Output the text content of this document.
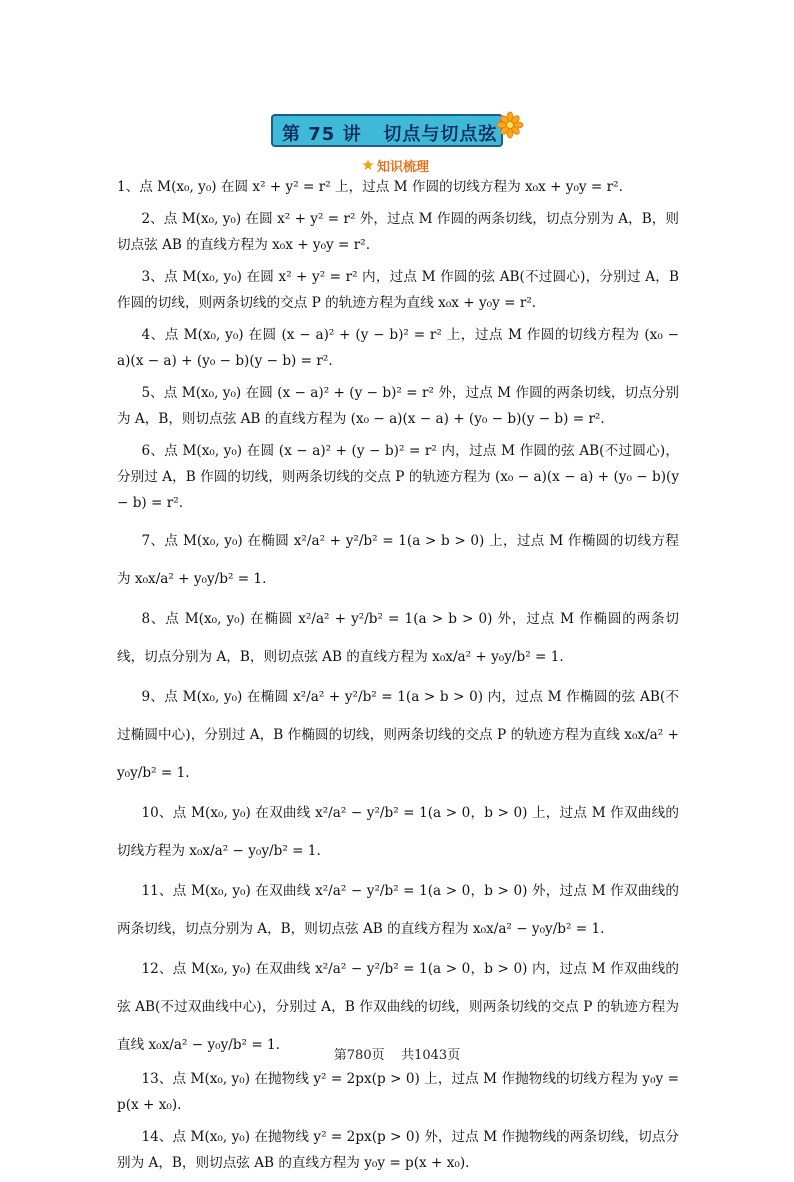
第 75 讲   切点与切点弦
知识梳理

1、点 M(x₀, y₀) 在圆 x² + y² = r² 上，过点 M 作圆的切线方程为 x₀x + y₀y = r².

2、点 M(x₀, y₀) 在圆 x² + y² = r² 外，过点 M 作圆的两条切线，切点分别为 A，B，则切点弦 AB 的直线方程为 x₀x + y₀y = r².

3、点 M(x₀, y₀) 在圆 x² + y² = r² 内，过点 M 作圆的弦 AB(不过圆心)，分别过 A，B 作圆的切线，则两条切线的交点 P 的轨迹方程为直线 x₀x + y₀y = r².

4、点 M(x₀, y₀) 在圆 (x − a)² + (y − b)² = r² 上，过点 M 作圆的切线方程为 (x₀ − a)(x − a) + (y₀ − b)(y − b) = r².

5、点 M(x₀, y₀) 在圆 (x − a)² + (y − b)² = r² 外，过点 M 作圆的两条切线，切点分别为 A，B，则切点弦 AB 的直线方程为 (x₀ − a)(x − a) + (y₀ − b)(y − b) = r².

6、点 M(x₀, y₀) 在圆 (x − a)² + (y − b)² = r² 内，过点 M 作圆的弦 AB(不过圆心)，分别过 A，B 作圆的切线，则两条切线的交点 P 的轨迹方程为 (x₀ − a)(x − a) + (y₀ − b)(y − b) = r².

7、点 M(x₀, y₀) 在椭圆 x²/a² + y²/b² = 1(a > b > 0) 上，过点 M 作椭圆的切线方程为 x₀x/a² + y₀y/b² = 1.

8、点 M(x₀, y₀) 在椭圆 x²/a² + y²/b² = 1(a > b > 0) 外，过点 M 作椭圆的两条切线，切点分别为 A，B，则切点弦 AB 的直线方程为 x₀x/a² + y₀y/b² = 1.

9、点 M(x₀, y₀) 在椭圆 x²/a² + y²/b² = 1(a > b > 0) 内，过点 M 作椭圆的弦 AB(不过椭圆中心)，分别过 A，B 作椭圆的切线，则两条切线的交点 P 的轨迹方程为直线 x₀x/a² + y₀y/b² = 1.

10、点 M(x₀, y₀) 在双曲线 x²/a² − y²/b² = 1(a > 0，b > 0) 上，过点 M 作双曲线的切线方程为 x₀x/a² − y₀y/b² = 1.

11、点 M(x₀, y₀) 在双曲线 x²/a² − y²/b² = 1(a > 0，b > 0) 外，过点 M 作双曲线的两条切线，切点分别为 A，B，则切点弦 AB 的直线方程为 x₀x/a² − y₀y/b² = 1.

12、点 M(x₀, y₀) 在双曲线 x²/a² − y²/b² = 1(a > 0，b > 0) 内，过点 M 作双曲线的弦 AB(不过双曲线中心)，分别过 A，B 作双曲线的切线，则两条切线的交点 P 的轨迹方程为直线 x₀x/a² − y₀y/b² = 1.

13、点 M(x₀, y₀) 在抛物线 y² = 2px(p > 0) 上，过点 M 作抛物线的切线方程为 y₀y = p(x + x₀).

14、点 M(x₀, y₀) 在抛物线 y² = 2px(p > 0) 外，过点 M 作抛物线的两条切线，切点分别为 A，B，则切点弦 AB 的直线方程为 y₀y = p(x + x₀).

第780页    共1043页
